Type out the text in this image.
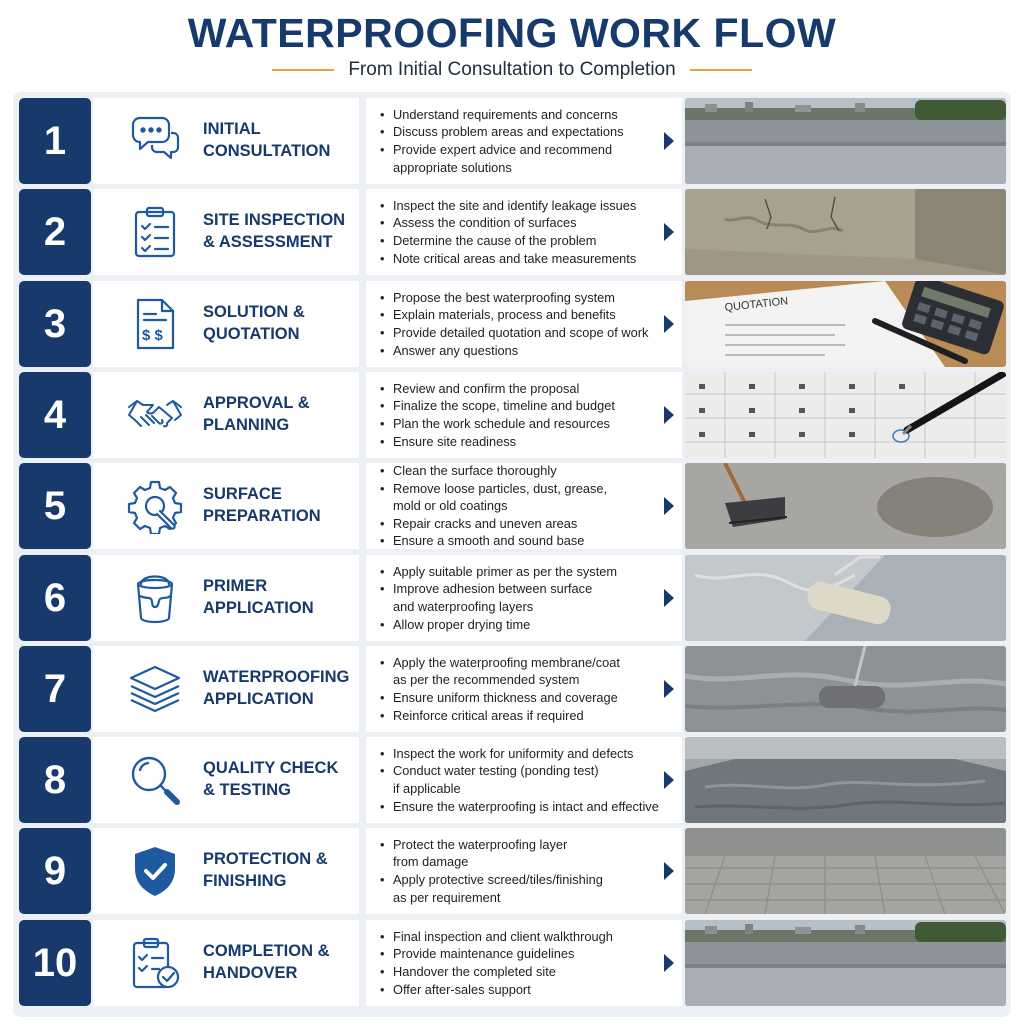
WATERPROOFING WORK FLOW
From Initial Consultation to Completion
1	INITIAL
CONSULTATION
• Understand requirements and concerns
• Discuss problem areas and expectations
• Provide expert advice and recommend
appropriate solutions
2	SITE INSPECTION
& ASSESSMENT
• Inspect the site and identify leakage issues
• Assess the condition of surfaces
• Determine the cause of the problem
• Note critical areas and take measurements
3	$ $
SOLUTION &
QUOTATION
• Propose the best waterproofing system
• Explain materials, process and benefits
• Provide detailed quotation and scope of work
• Answer any questions
QUOTATION
4	APPROVAL &
PLANNING
• Review and confirm the proposal
• Finalize the scope, timeline and budget
• Plan the work schedule and resources
• Ensure site readiness
5	SURFACE
PREPARATION
• Clean the surface thoroughly
• Remove loose particles, dust, grease,
mold or old coatings
• Repair cracks and uneven areas
• Ensure a smooth and sound base
6	PRIMER
APPLICATION
• Apply suitable primer as per the system
• Improve adhesion between surface
and waterproofing layers
• Allow proper drying time
7	WATERPROOFING
APPLICATION
• Apply the waterproofing membrane/coat
as per the recommended system
• Ensure uniform thickness and coverage
• Reinforce critical areas if required
8	QUALITY CHECK
& TESTING
• Inspect the work for uniformity and defects
• Conduct water testing (ponding test)
if applicable
• Ensure the waterproofing is intact and effective
9	PROTECTION &
FINISHING
• Protect the waterproofing layer
from damage
• Apply protective screed/tiles/finishing
as per requirement
10	COMPLETION &
HANDOVER
• Final inspection and client walkthrough
• Provide maintenance guidelines
• Handover the completed site
• Offer after-sales support
